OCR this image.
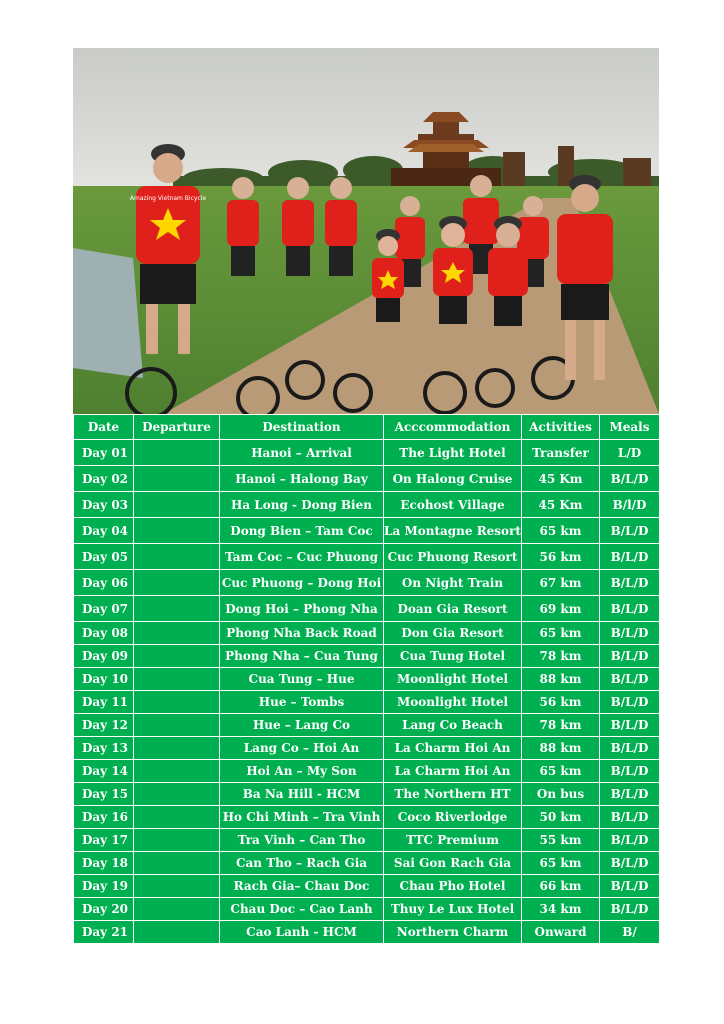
Amazing Vietnam Bicycle
Date	Departure	Destination	Acccommodation	Activities	Meals
Day 01		Hanoi – Arrival	The Light Hotel	Transfer	L/D
Day 02		Hanoi – Halong Bay	On Halong Cruise	45 Km	B/L/D
Day 03		Ha Long - Dong Bien	Ecohost Village	45 Km	B/l/D
Day 04		Dong Bien – Tam Coc	La Montagne Resort	65 km	B/L/D
Day 05		Tam Coc – Cuc Phuong	Cuc Phuong Resort	56 km	B/L/D
Day 06		Cuc Phuong – Dong Hoi	On Night Train	67 km	B/L/D
Day 07		Dong Hoi – Phong Nha	Doan Gia Resort	69 km	B/L/D
Day 08		Phong Nha Back Road	Don Gia Resort	65 km	B/L/D
Day 09		Phong Nha – Cua Tung	Cua Tung Hotel	78 km	B/L/D
Day 10		Cua Tung – Hue	Moonlight Hotel	88 km	B/L/D
Day 11		Hue – Tombs	Moonlight Hotel	56 km	B/L/D
Day 12		Hue – Lang Co	Lang Co Beach	78 km	B/L/D
Day 13		Lang Co – Hoi An	La Charm Hoi An	88 km	B/L/D
Day 14		Hoi An – My Son	La Charm Hoi An	65 km	B/L/D
Day 15		Ba Na Hill - HCM	The Northern HT	On bus	B/L/D
Day 16		Ho Chi Minh – Tra Vinh	Coco Riverlodge	50 km	B/L/D
Day 17		Tra Vinh – Can Tho	TTC Premium	55 km	B/L/D
Day 18		Can Tho – Rach Gia	Sai Gon Rach Gia	65 km	B/L/D
Day 19		Rach Gia– Chau Doc	Chau Pho Hotel	66 km	B/L/D
Day 20		Chau Doc – Cao Lanh	Thuy Le Lux Hotel	34 km	B/L/D
Day 21		Cao Lanh - HCM	Northern Charm	Onward	B/
